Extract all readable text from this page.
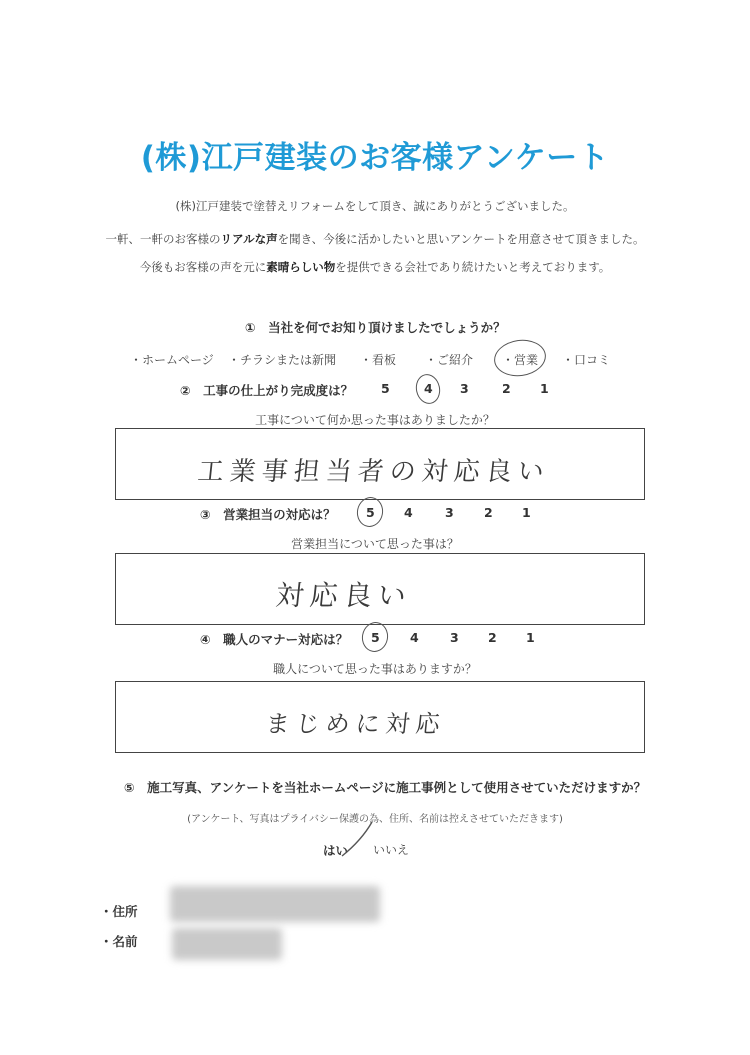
(株)江戸建装のお客様アンケート
(株)江戸建装で塗替えリフォームをして頂き、誠にありがとうございました。
一軒、一軒のお客様のリアルな声を聞き、今後に活かしたいと思いアンケートを用意させて頂きました。
今後もお客様の声を元に素晴らしい物を提供できる会社であり続けたいと考えております。
①　当社を何でお知り頂けましたでしょうか？
・ホームページ ・チラシまたは新聞 ・看板 ・ご紹介 ・営業 ・口コミ
②　工事の仕上がり完成度は？ 5	4 3	2 1
工事について何か思った事はありましたか？
工業事担当者の対応良い
③　営業担当の対応は？ 5 4	3 2 1
営業担当について思った事は？
対応良い
④　職人のマナー対応は？ 5 4	3 2 1
職人について思った事はありますか？
まじめに対応
⑤　施工写真、アンケートを当社ホームページに施工事例として使用させていただけますか？
(アンケート、写真はプライバシー保護の為、住所、名前は控えさせていただきます)
はい いいえ
・住所
・名前
